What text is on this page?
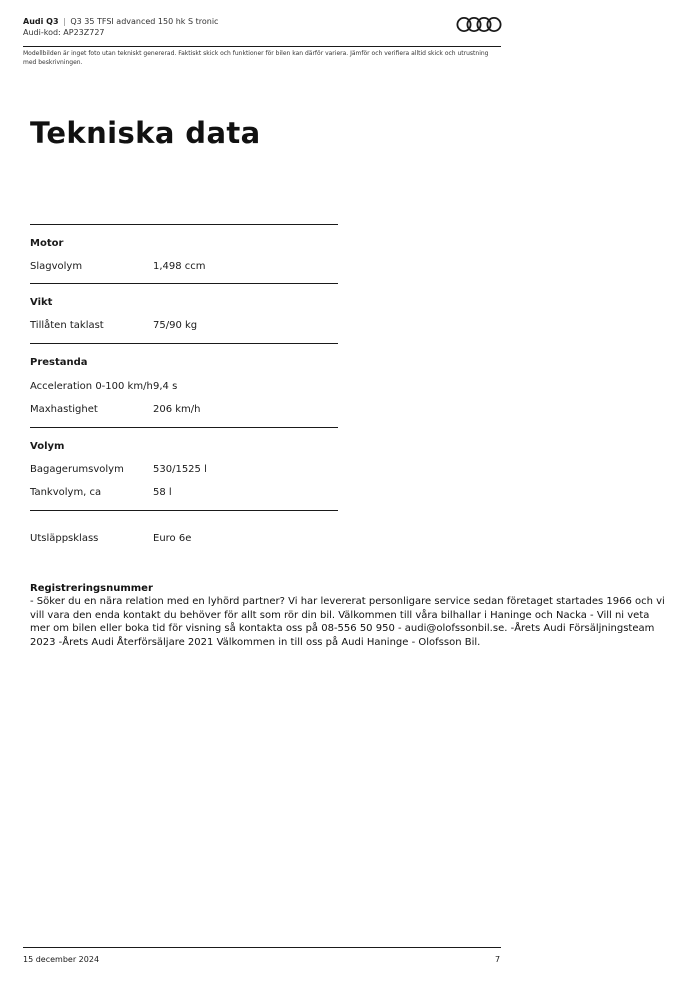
Audi Q3 | Q3 35 TFSI advanced 150 hk S tronic
Audi-kod: AP23Z727

Modellbilden är inget foto utan tekniskt genererad. Faktiskt skick och funktioner för bilen kan därför variera. Jämför och verifiera alltid skick och utrustning med beskrivningen.

Tekniska data
Motor
Slagvolym	1,498 ccm
Vikt
Tillåten taklast	75/90 kg
Prestanda
Acceleration 0-100 km/h 9,4 s
Maxhastighet	206 km/h
Volym
Bagagerumsvolym	530/1525 l
Tankvolym, ca	58 l
Utsläppsklass	Euro 6e
Registreringsnummer
- Söker du en nära relation med en lyhörd partner? Vi har levererat personligare service sedan företaget startades 1966 och vi vill vara den enda kontakt du behöver för allt som rör din bil. Välkommen till våra bilhallar i Haninge och Nacka - Vill ni veta mer om bilen eller boka tid för visning så kontakta oss på 08-556 50 950 - audi@olofssonbil.se. -Årets Audi Försäljningsteam 2023 -Årets Audi Återförsäljare 2021 Välkommen in till oss på Audi Haninge - Olofsson Bil.
15 december 2024	7
